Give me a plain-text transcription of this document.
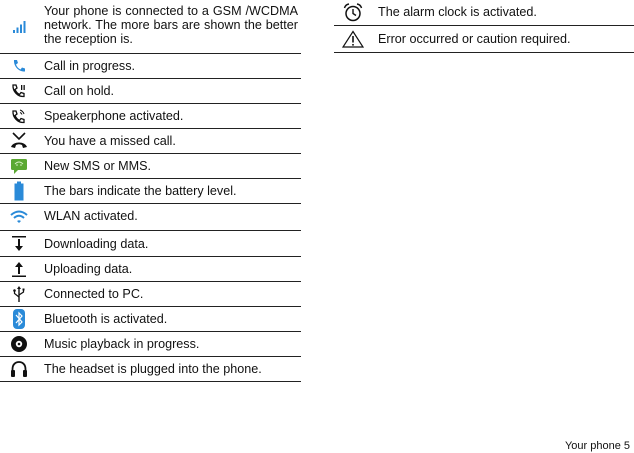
Your phone is connected to a GSM /WCDMA network. The more bars are shown the better the reception is.
Call in progress.
Call on hold.
Speakerphone activated.
You have a missed call.
New SMS or MMS.
The bars indicate the battery level.
WLAN activated.
Downloading data.
Uploading data.
Connected to PC.
Bluetooth is activated.
Music playback in progress.
The headset is plugged into the phone.
The alarm clock is activated.
Error occurred or caution required.
Your phone 5
